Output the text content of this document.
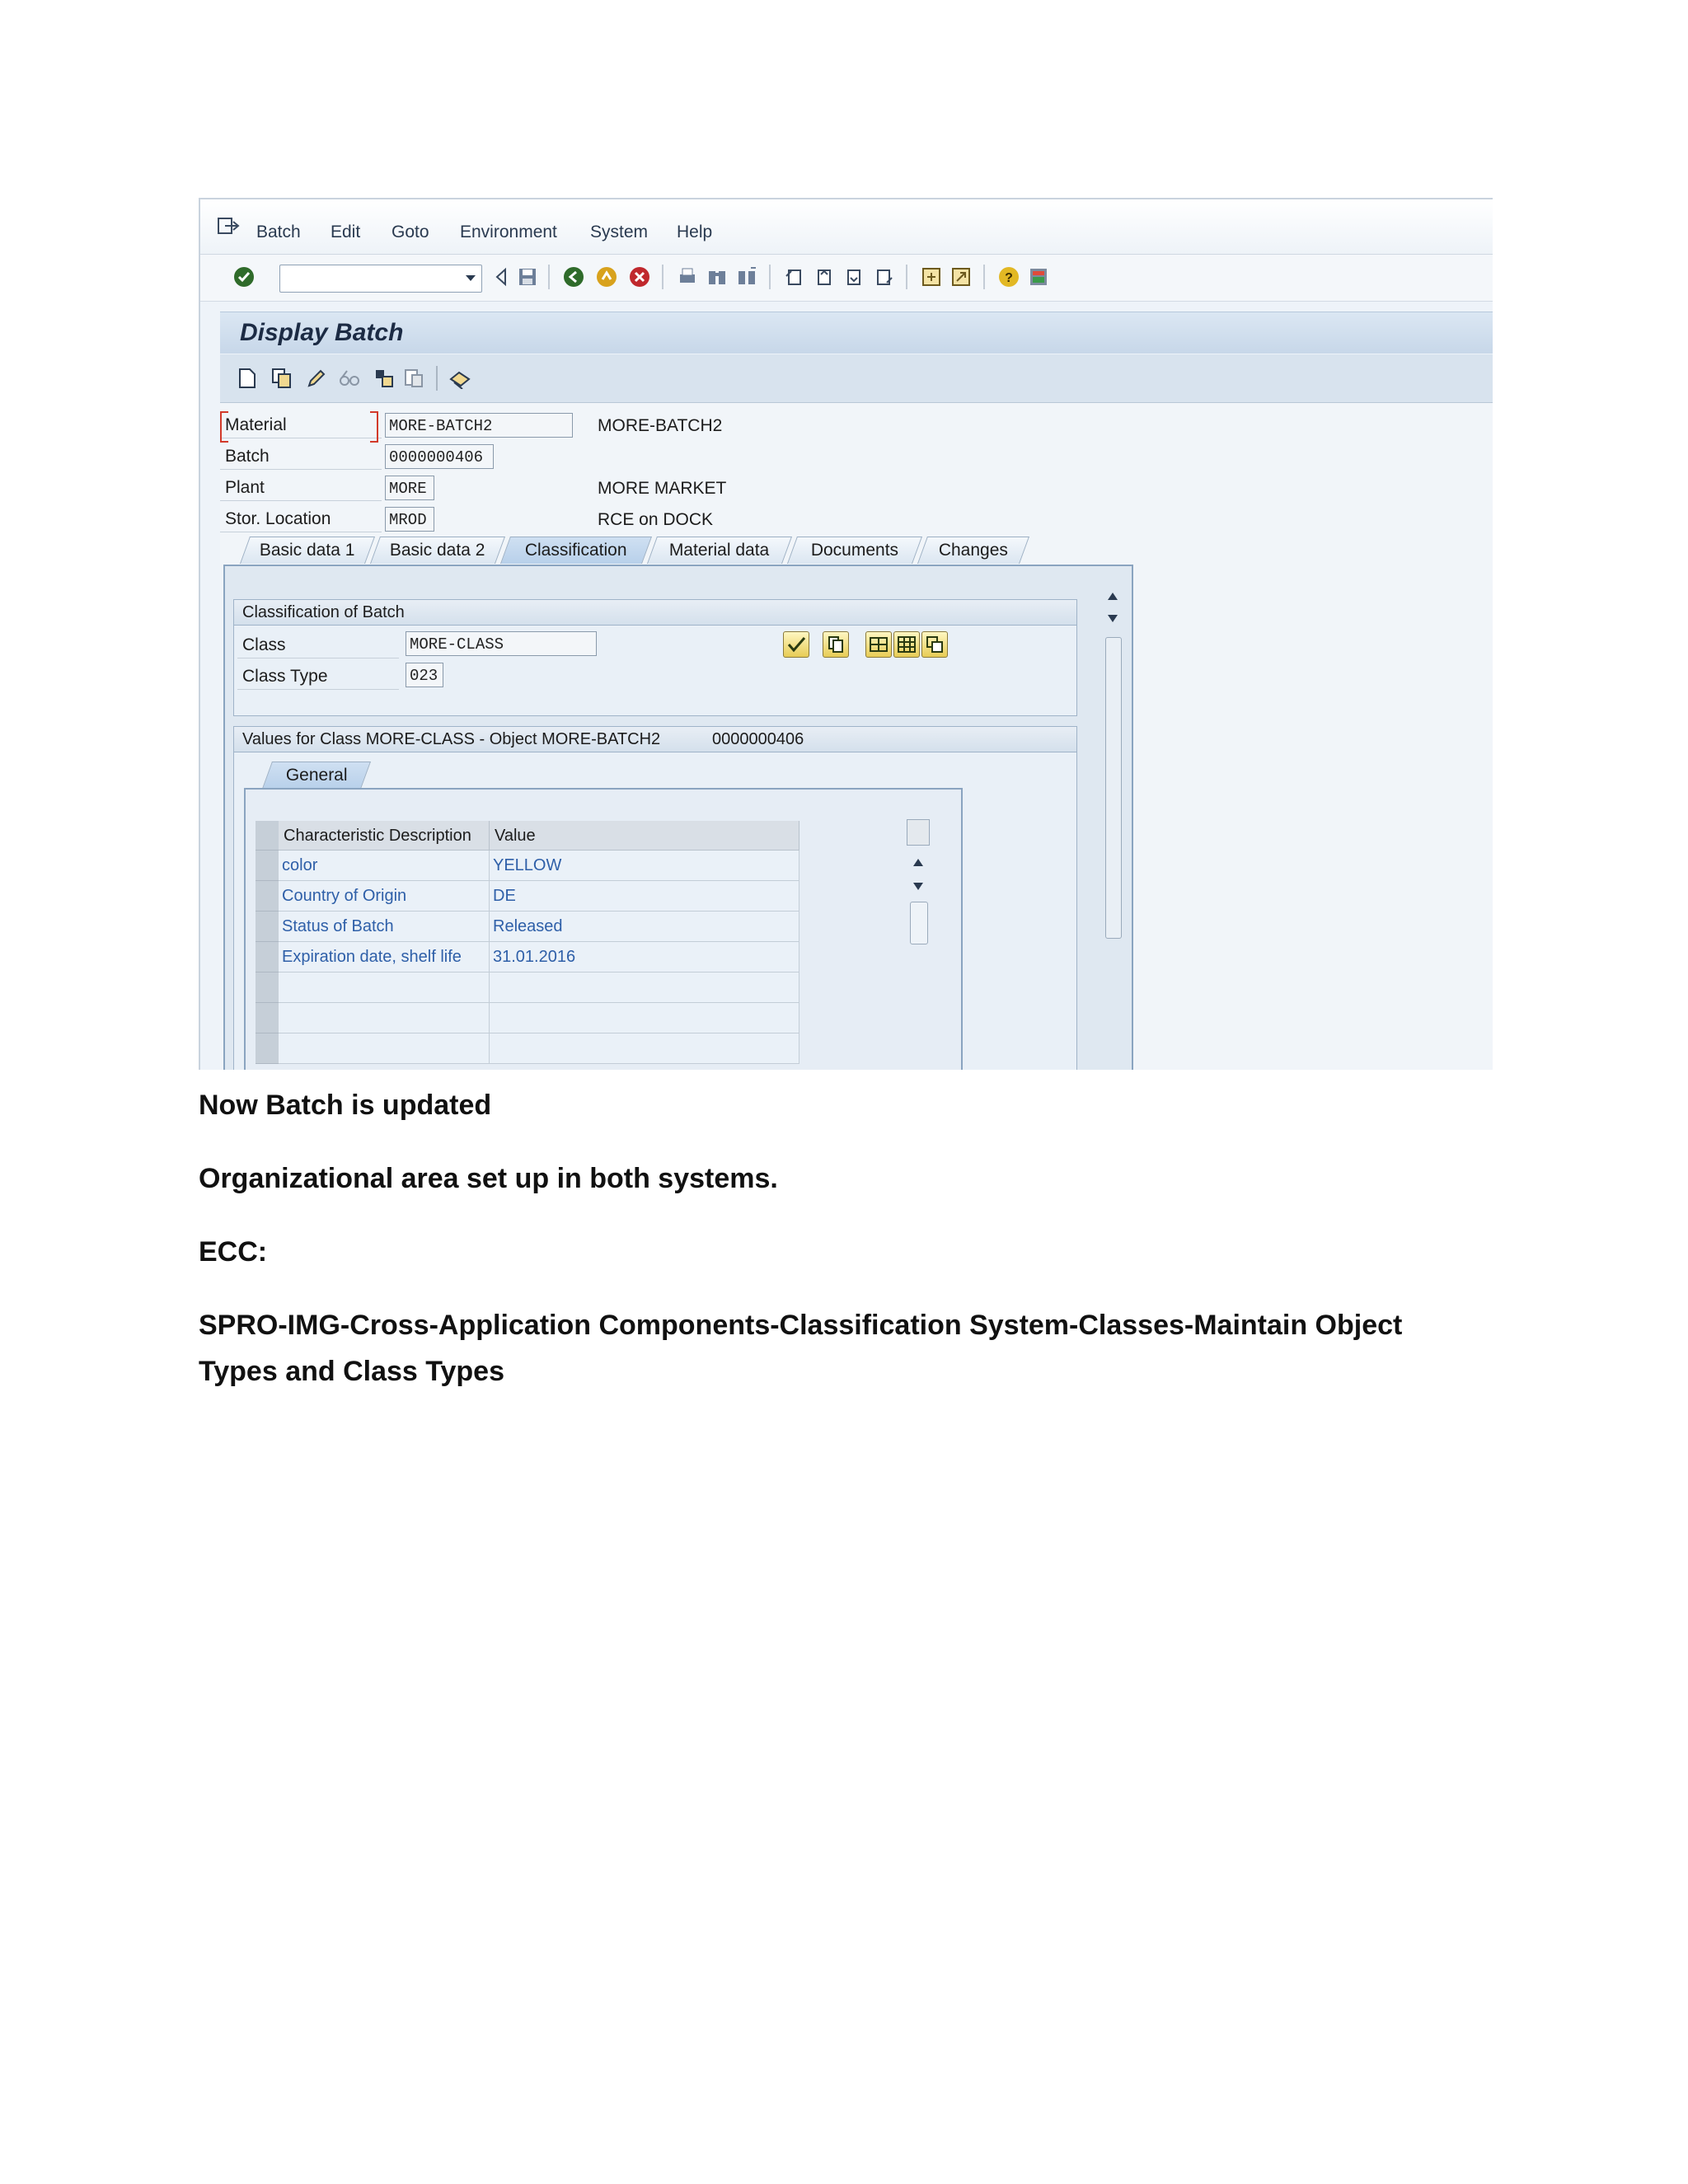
Batch Edit Goto Environment System Help
?
Display Batch
Material	MORE-BATCH2	MORE-BATCH2
Batch	0000000406
Plant	MORE	MORE MARKET
Stor. Location	MROD	RCE on DOCK
Basic data 1	Basic data 2	Classification	Material data	Documents	Changes
Classification of Batch
Class	MORE-CLASS
Class Type	023
Values for Class MORE-CLASS - Object MORE-BATCH2	0000000406
General
Characteristic Description	Value
color	YELLOW
Country of Origin	DE
Status of Batch	Released
Expiration date, shelf life	31.01.2016
Now Batch is updated
Organizational area set up in both systems.
ECC:
SPRO-IMG-Cross-Application Components-Classification System-Classes-Maintain Object
Types and Class Types
